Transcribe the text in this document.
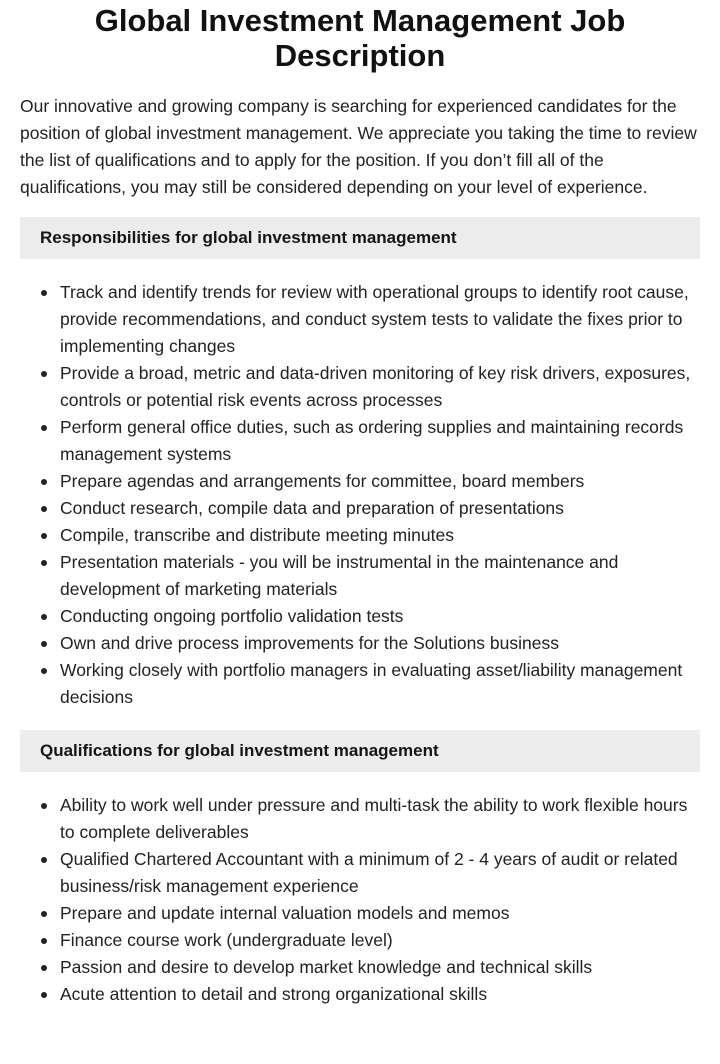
Global Investment Management Job Description

Our innovative and growing company is searching for experienced candidates for the position of global investment management. We appreciate you taking the time to review the list of qualifications and to apply for the position. If you don’t fill all of the qualifications, you may still be considered depending on your level of experience.

Responsibilities for global investment management
Track and identify trends for review with operational groups to identify root cause, provide recommendations, and conduct system tests to validate the fixes prior to implementing changes
Provide a broad, metric and data-driven monitoring of key risk drivers, exposures, controls or potential risk events across processes
Perform general office duties, such as ordering supplies and maintaining records management systems
Prepare agendas and arrangements for committee, board members
Conduct research, compile data and preparation of presentations
Compile, transcribe and distribute meeting minutes
Presentation materials - you will be instrumental in the maintenance and development of marketing materials
Conducting ongoing portfolio validation tests
Own and drive process improvements for the Solutions business
Working closely with portfolio managers in evaluating asset/liability management decisions
Qualifications for global investment management
Ability to work well under pressure and multi-task the ability to work flexible hours to complete deliverables
Qualified Chartered Accountant with a minimum of 2 - 4 years of audit or related business/risk management experience
Prepare and update internal valuation models and memos
Finance course work (undergraduate level)
Passion and desire to develop market knowledge and technical skills
Acute attention to detail and strong organizational skills
